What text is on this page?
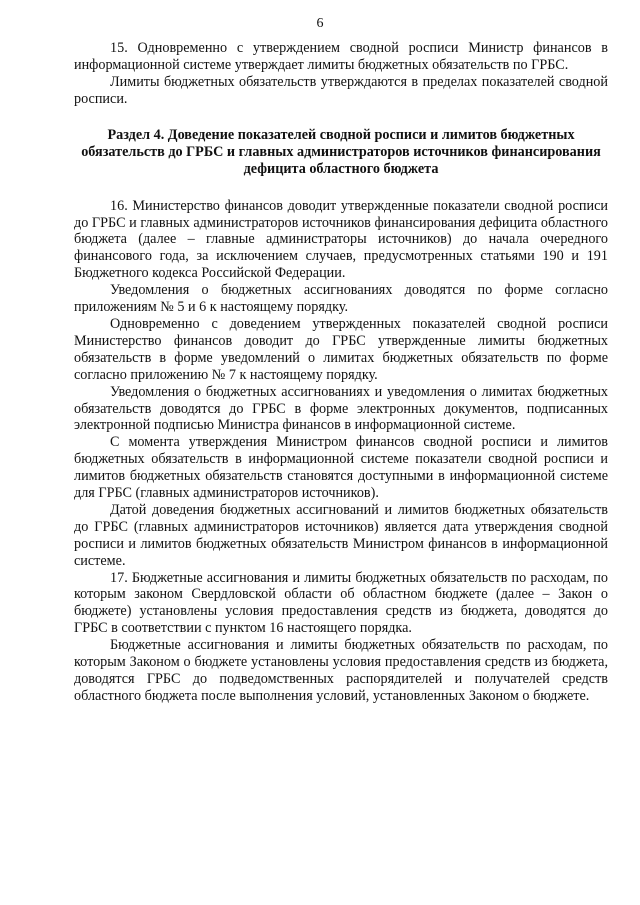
6

15. Одновременно с утверждением сводной росписи Министр финансов в информационной системе утверждает лимиты бюджетных обязательств по ГРБС.

Лимиты бюджетных обязательств утверждаются в пределах показателей сводной росписи.

Раздел 4. Доведение показателей сводной росписи и лимитов бюджетных обязательств до ГРБС и главных администраторов источников финансирования дефицита областного бюджета

16. Министерство финансов доводит утвержденные показатели сводной росписи до ГРБС и главных администраторов источников финансирования дефицита областного бюджета (далее – главные администраторы источников) до начала очередного финансового года, за исключением случаев, предусмотренных статьями 190 и 191 Бюджетного кодекса Российской Федерации.

Уведомления о бюджетных ассигнованиях доводятся по форме согласно приложениям № 5 и 6 к настоящему порядку.

Одновременно с доведением утвержденных показателей сводной росписи Министерство финансов доводит до ГРБС утвержденные лимиты бюджетных обязательств в форме уведомлений о лимитах бюджетных обязательств по форме согласно приложению № 7 к настоящему порядку.

Уведомления о бюджетных ассигнованиях и уведомления о лимитах бюджетных обязательств доводятся до ГРБС в форме электронных документов, подписанных электронной подписью Министра финансов в информационной системе.

С момента утверждения Министром финансов сводной росписи и лимитов бюджетных обязательств в информационной системе показатели сводной росписи и лимитов бюджетных обязательств становятся доступными в информационной системе для ГРБС (главных администраторов источников).

Датой доведения бюджетных ассигнований и лимитов бюджетных обязательств до ГРБС (главных администраторов источников) является дата утверждения сводной росписи и лимитов бюджетных обязательств Министром финансов в информационной системе.

17. Бюджетные ассигнования и лимиты бюджетных обязательств по расходам, по которым законом Свердловской области об областном бюджете (далее – Закон о бюджете) установлены условия предоставления средств из бюджета, доводятся до ГРБС в соответствии с пунктом 16 настоящего порядка.

Бюджетные ассигнования и лимиты бюджетных обязательств по расходам, по которым Законом о бюджете установлены условия предоставления средств из бюджета, доводятся ГРБС до подведомственных распорядителей и получателей средств областного бюджета после выполнения условий, установленных Законом о бюджете.
